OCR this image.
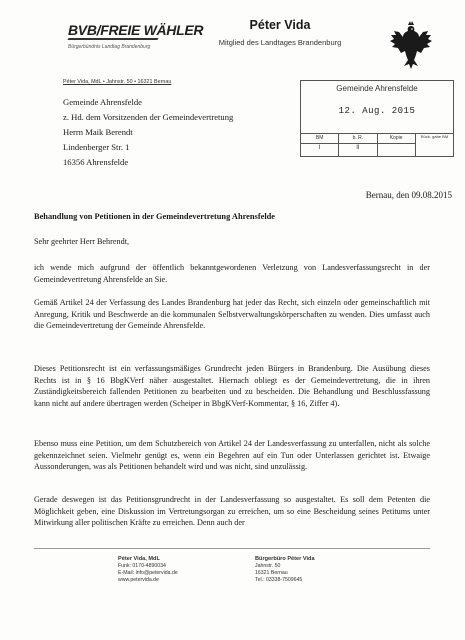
BVB/FREIE WÄHLER
Bürgerbündnis Landtag Brandenburg
Péter Vida
Mitglied des Landtages Brandenburg
Péter Vida, MdL • Jahnstr. 50 • 16321 Bernau
Gemeinde Ahrensfelde
z. Hd. dem Vorsitzenden der Gemeindevertretung
Herrn Maik Berendt
Lindenberger Str. 1
16356 Ahrensfelde
Gemeinde Ahrensfelde
12. Aug. 2015
BM
I
b. R.
II
Kopie	Rück- gabe BM
Bernau, den 09.08.2015
Behandlung von Petitionen in der Gemeindevertretung Ahrensfelde
Sehr geehrter Herr Behrendt,
ich wende mich aufgrund der öffentlich bekanntgewordenen Verletzung von Landesverfassungsrecht in der Gemeindevertretung Ahrensfelde an Sie.
Gemäß Artikel 24 der Verfassung des Landes Brandenburg hat jeder das Recht, sich einzeln oder gemeinschaftlich mit Anregung, Kritik und Beschwerde an die kommunalen Selbstverwaltungskörperschaften zu wenden. Dies umfasst auch die Gemeindevertretung der Gemeinde Ahrensfelde.
Dieses Petitionsrecht ist ein verfassungsmäßiges Grundrecht jeden Bürgers in Brandenburg. Die Ausübung dieses Rechts ist in § 16 BbgKVerf näher ausgestaltet. Hiernach obliegt es der Gemeindevertretung, die in ihren Zuständigkeitsbereich fallenden Petitionen zu bearbeiten und zu bescheiden. Die Behandlung und Beschlussfassung kann nicht auf andere übertragen werden (Scheiper in BbgKVerf-Kommentar, § 16, Ziffer 4).
Ebenso muss eine Petition, um dem Schutzbereich von Artikel 24 der Landesverfassung zu unterfallen, nicht als solche gekennzeichnet seien. Vielmehr genügt es, wenn ein Begehren auf ein Tun oder Unterlassen gerichtet ist. Etwaige Aussonderungen, was als Petitionen behandelt wird und was nicht, sind unzulässig.
Gerade deswegen ist das Petitionsgrundrecht in der Landesverfassung so ausgestaltet. Es soll dem Petenten die Möglichkeit geben, eine Diskussion im Vertretungsorgan zu erreichen, um so eine Bescheidung seines Petitums unter Mitwirkung aller politischen Kräfte zu erreichen. Denn auch der
Péter Vida, MdL
Funk: 0170-4890034
E-Mail: info@petervida.de
www.petervida.de
Bürgerbüro Péter Vida
Jahnstr. 50
16321 Bernau
Tel.: 03338-7509645
